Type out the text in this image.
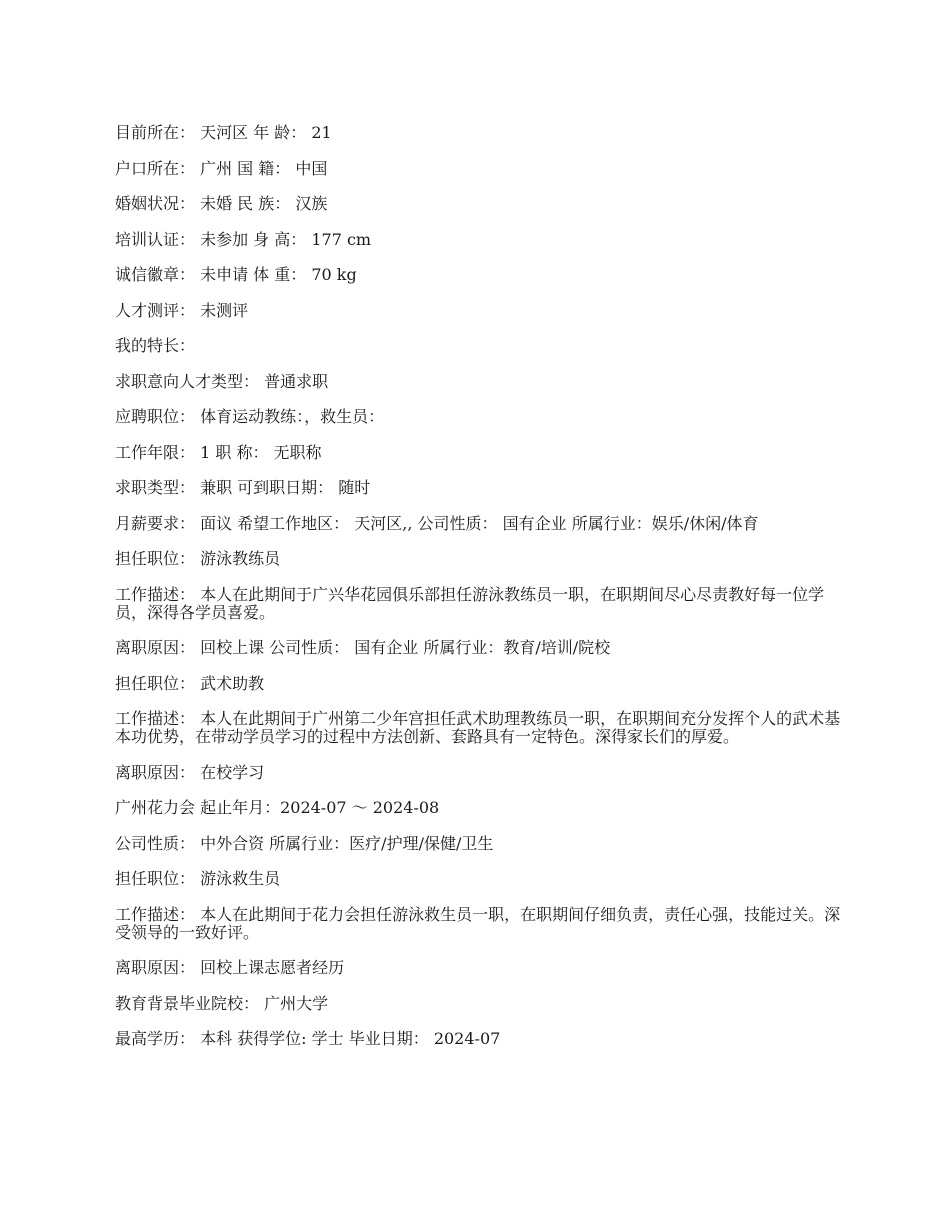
目前所在： 天河区 年 龄： 21

户口所在： 广州 国 籍： 中国

婚姻状况： 未婚 民 族： 汉族

培训认证： 未参加 身 高： 177 cm

诚信徽章： 未申请 体 重： 70 kg

人才测评： 未测评

我的特长：

求职意向人才类型： 普通求职

应聘职位： 体育运动教练：，救生员：

工作年限： 1 职 称： 无职称

求职类型： 兼职 可到职日期： 随时

月薪要求： 面议 希望工作地区： 天河区,, 公司性质： 国有企业 所属行业：娱乐/休闲/体育

担任职位： 游泳教练员

工作描述： 本人在此期间于广兴华花园俱乐部担任游泳教练员一职，在职期间尽心尽责教好每一位学员，深得各学员喜爱。

离职原因： 回校上课 公司性质： 国有企业 所属行业：教育/培训/院校

担任职位： 武术助教

工作描述： 本人在此期间于广州第二少年宫担任武术助理教练员一职，在职期间充分发挥个人的武术基本功优势，在带动学员学习的过程中方法创新、套路具有一定特色。深得家长们的厚爱。

离职原因： 在校学习

广州花力会 起止年月：2024-07 ～ 2024-08

公司性质： 中外合资 所属行业：医疗/护理/保健/卫生

担任职位： 游泳救生员

工作描述： 本人在此期间于花力会担任游泳救生员一职，在职期间仔细负责，责任心强，技能过关。深受领导的一致好评。

离职原因： 回校上课志愿者经历

教育背景毕业院校： 广州大学

最高学历： 本科 获得学位: 学士 毕业日期： 2024-07
